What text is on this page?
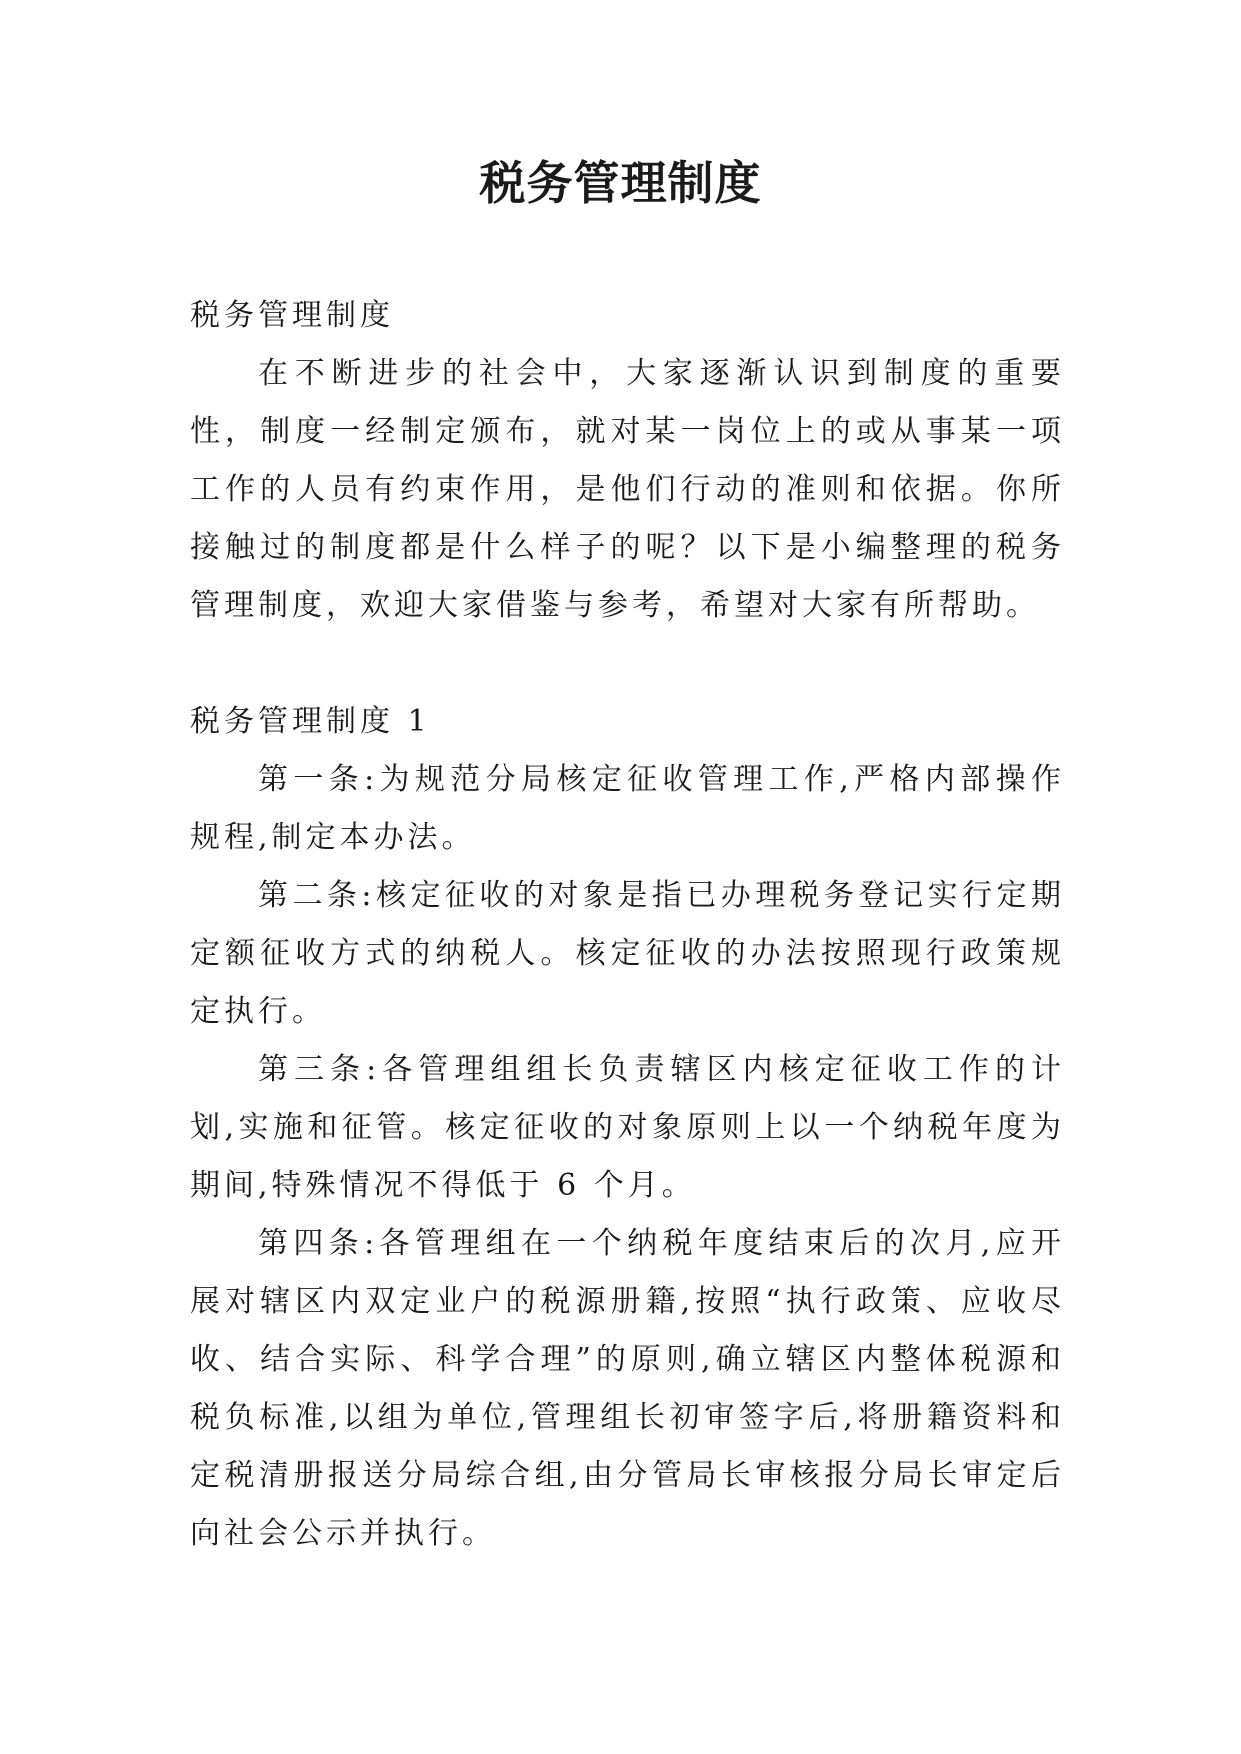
税务管理制度

税务管理制度

在不断进步的社会中，大家逐渐认识到制度的重要性，制度一经制定颁布，就对某一岗位上的或从事某一项工作的人员有约束作用，是他们行动的准则和依据。你所接触过的制度都是什么样子的呢？以下是小编整理的税务管理制度，欢迎大家借鉴与参考，希望对大家有所帮助。

税务管理制度 1

第一条:为规范分局核定征收管理工作,严格内部操作规程,制定本办法。

第二条:核定征收的对象是指已办理税务登记实行定期定额征收方式的纳税人。核定征收的办法按照现行政策规定执行。

第三条:各管理组组长负责辖区内核定征收工作的计划,实施和征管。核定征收的对象原则上以一个纳税年度为期间,特殊情况不得低于 6 个月。

第四条:各管理组在一个纳税年度结束后的次月,应开展对辖区内双定业户的税源册籍,按照“执行政策、应收尽收、结合实际、科学合理”的原则,确立辖区内整体税源和税负标准,以组为单位,管理组长初审签字后,将册籍资料和定税清册报送分局综合组,由分管局长审核报分局长审定后向社会公示并执行。
